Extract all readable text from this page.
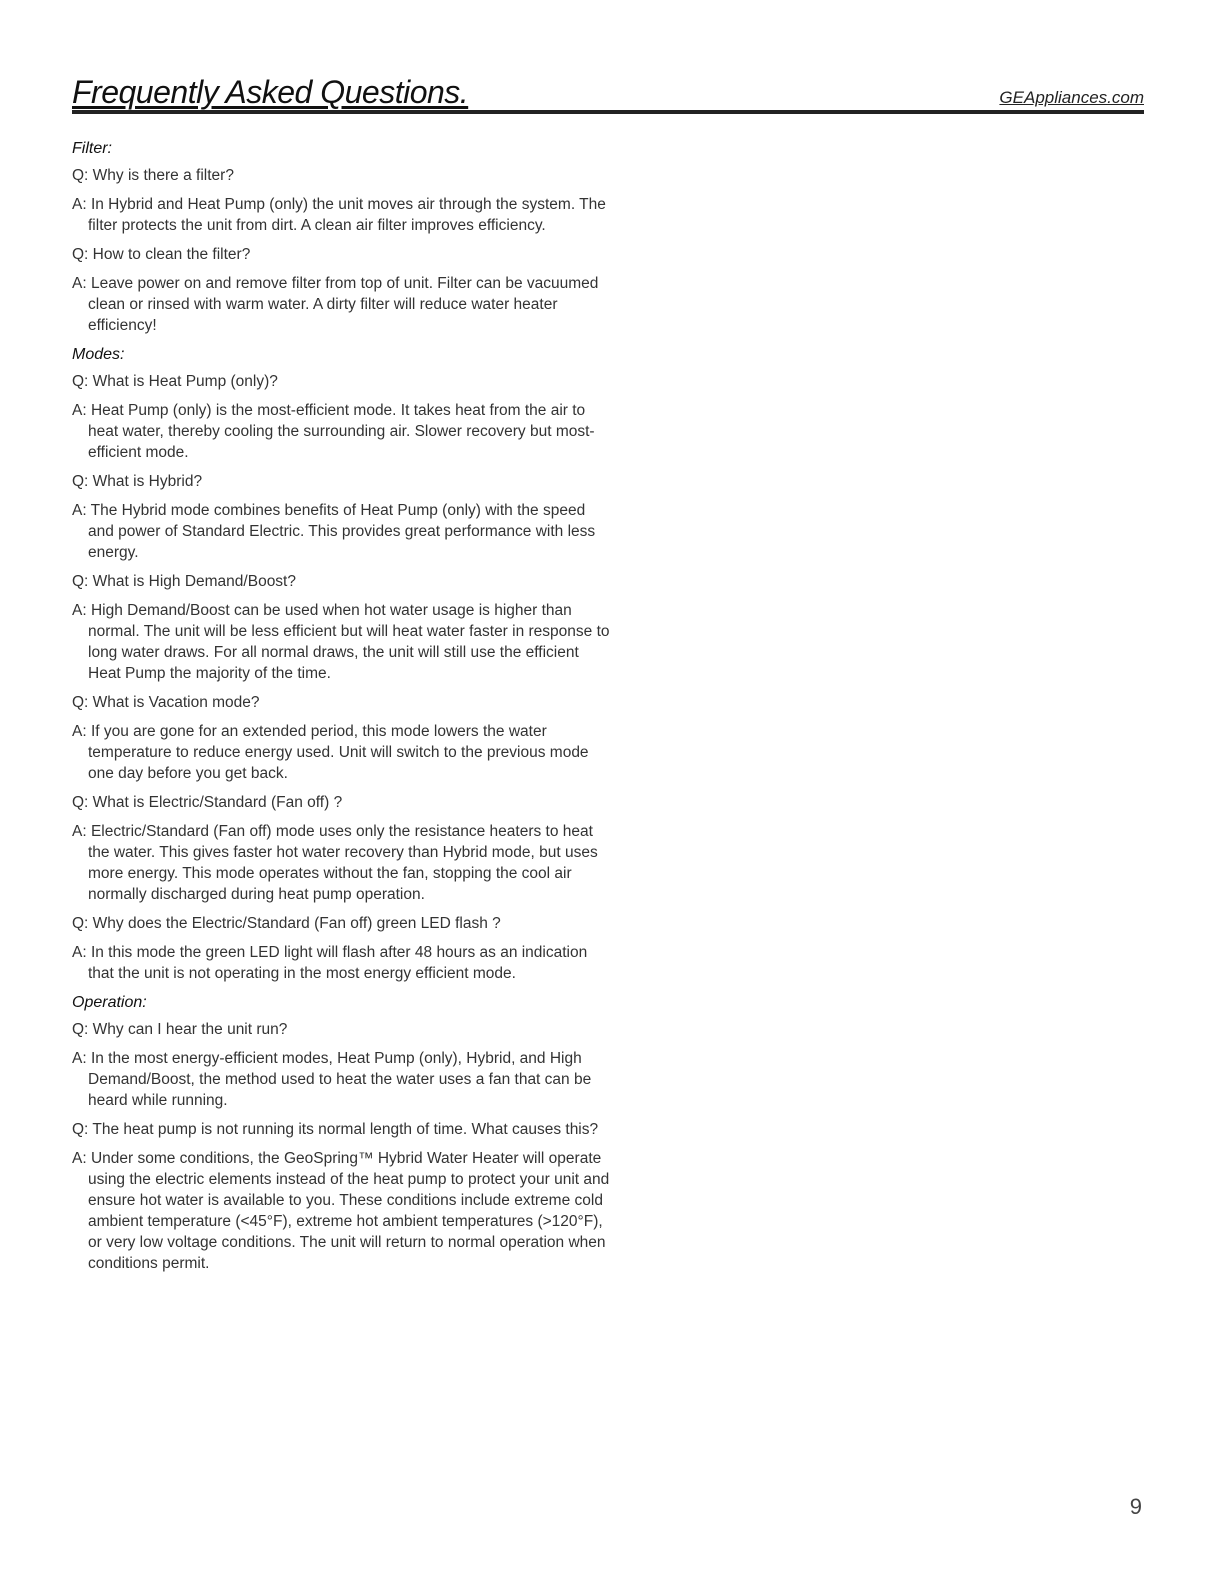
Frequently Asked Questions.	GEAppliances.com
Filter:

Q: Why is there a filter?

A: In Hybrid and Heat Pump (only) the unit moves air through the system. The filter protects the unit from dirt. A clean air filter improves efficiency.

Q: How to clean the filter?

A: Leave power on and remove filter from top of unit. Filter can be vacuumed clean or rinsed with warm water. A dirty filter will reduce water heater efficiency!

Modes:

Q: What is Heat Pump (only)?

A: Heat Pump (only) is the most-efficient mode. It takes heat from the air to heat water, thereby cooling the surrounding air. Slower recovery but most-efficient mode.

Q: What is Hybrid?

A: The Hybrid mode combines benefits of Heat Pump (only) with the speed and power of Standard Electric. This provides great performance with less energy.

Q: What is High Demand/Boost?

A: High Demand/Boost can be used when hot water usage is higher than normal. The unit will be less efficient but will heat water faster in response to long water draws. For all normal draws, the unit will still use the efficient Heat Pump the majority of the time.

Q: What is Vacation mode?

A: If you are gone for an extended period, this mode lowers the water temperature to reduce energy used. Unit will switch to the previous mode one day before you get back.

Q: What is Electric/Standard (Fan off) ?

A: Electric/Standard (Fan off) mode uses only the resistance heaters to heat the water. This gives faster hot water recovery than Hybrid mode, but uses more energy. This mode operates without the fan, stopping the cool air normally discharged during heat pump operation.

Q: Why does the Electric/Standard (Fan off) green LED flash ?

A: In this mode the green LED light will flash after 48 hours as an indication that the unit is not operating in the most energy efficient mode.

Operation:

Q: Why can I hear the unit run?

A: In the most energy-efficient modes, Heat Pump (only), Hybrid, and High Demand/Boost, the method used to heat the water uses a fan that can be heard while running.

Q: The heat pump is not running its normal length of time. What causes this?

A: Under some conditions, the GeoSpring™ Hybrid Water Heater will operate using the electric elements instead of the heat pump to protect your unit and ensure hot water is available to you. These conditions include extreme cold ambient temperature (<45°F), extreme hot ambient temperatures (>120°F), or very low voltage conditions. The unit will return to normal operation when conditions permit.

9
